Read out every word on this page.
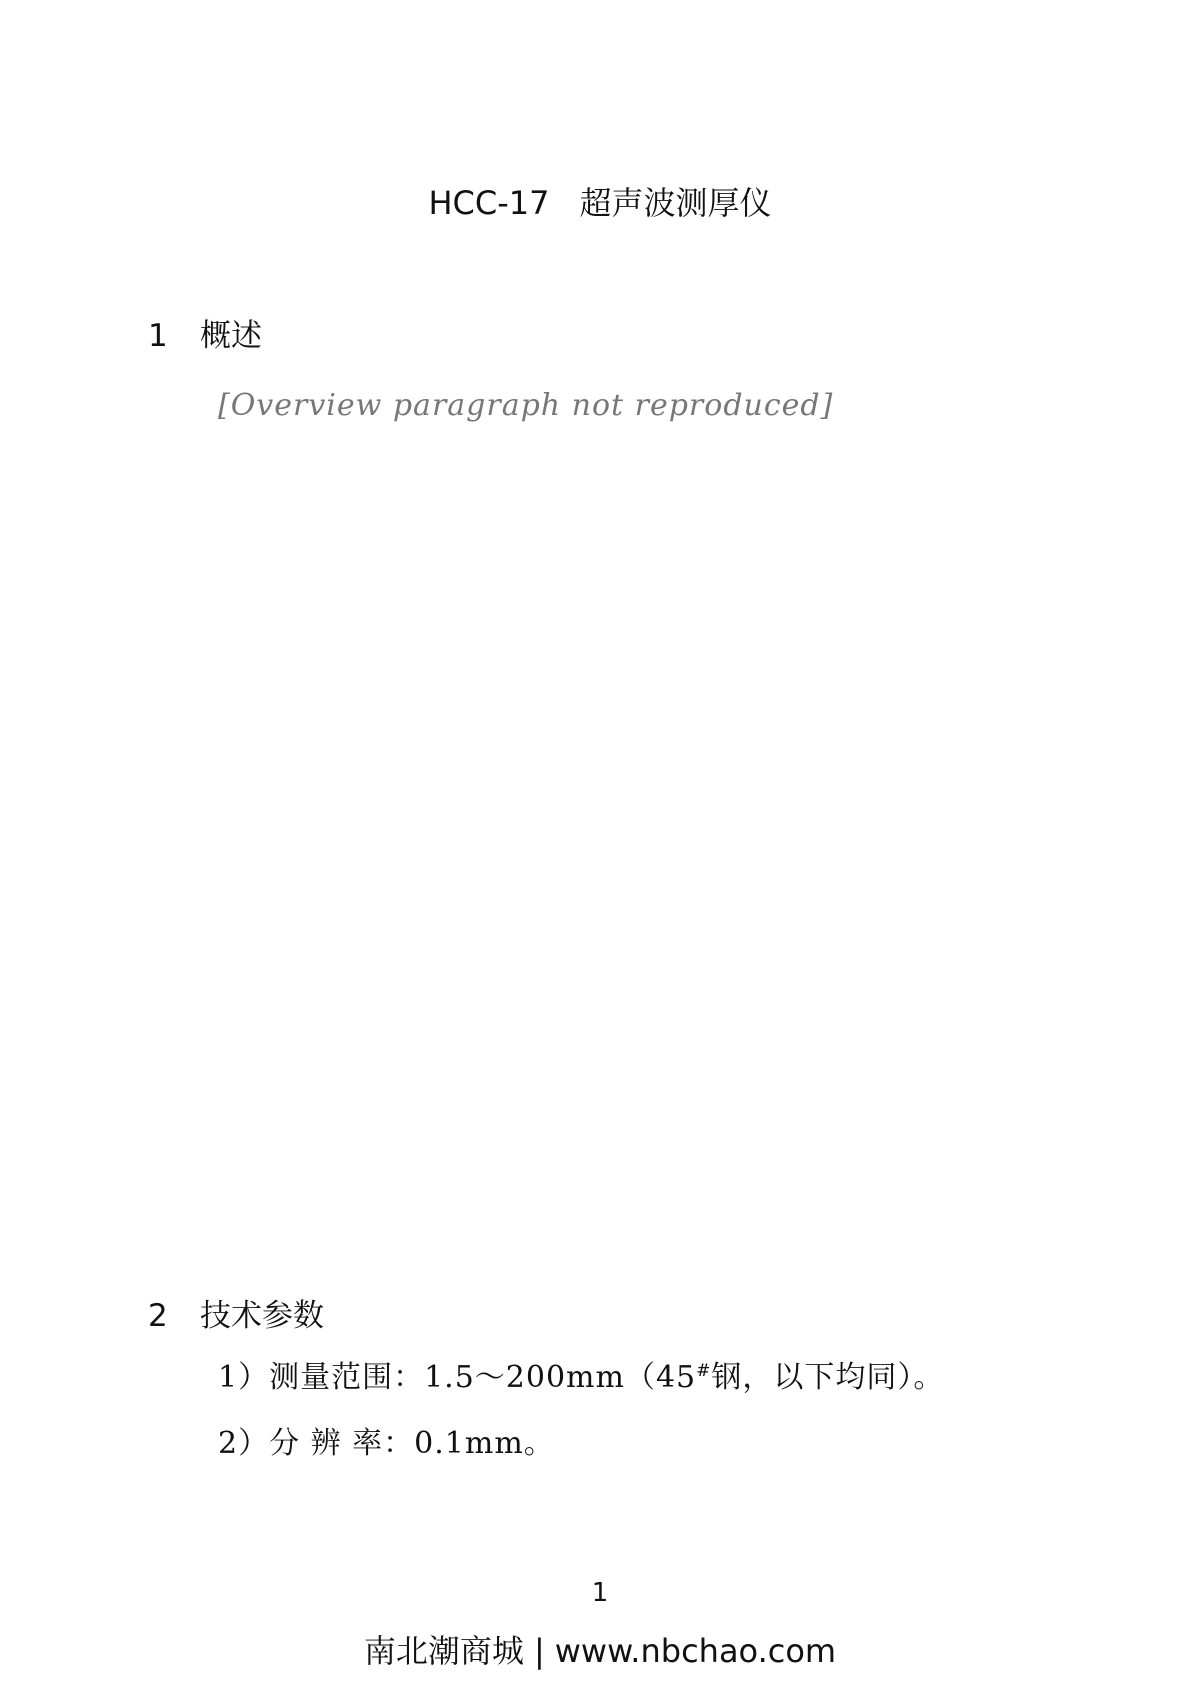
HCC-17 超声波测厚仪
1 概述
[Overview paragraph not reproduced]
2 技术参数
1）测量范围：1.5～200mm（45#钢，以下均同）。
2）分 辨 率：0.1mm。
1
南北潮商城 | www.nbchao.com
